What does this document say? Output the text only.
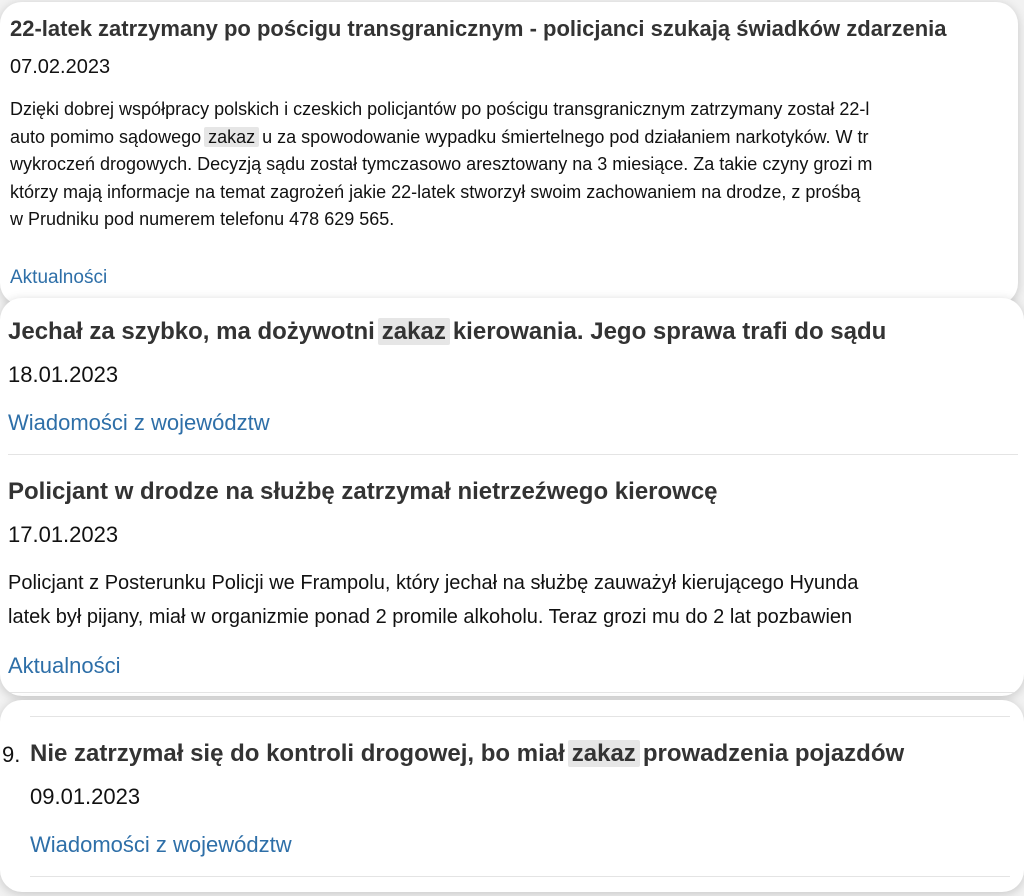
22-latek zatrzymany po pościgu transgranicznym - policjanci szukają świadków zdarzenia
07.02.2023
Dzięki dobrej współpracy polskich i czeskich policjantów po pościgu transgranicznym zatrzymany został 22-l
auto pomimo sądowego zakaz u za spowodowanie wypadku śmiertelnego pod działaniem narkotyków. W tr
wykroczeń drogowych. Decyzją sądu został tymczasowo aresztowany na 3 miesiące. Za takie czyny grozi m
którzy mają informacje na temat zagrożeń jakie 22-latek stworzył swoim zachowaniem na drodze, z prośbą
w Prudniku pod numerem telefonu 478 629 565.
Aktualności
Jechał za szybko, ma dożywotni zakaz kierowania. Jego sprawa trafi do sądu
18.01.2023
Wiadomości z województw
Policjant w drodze na służbę zatrzymał nietrzeźwego kierowcę
17.01.2023
Policjant z Posterunku Policji we Frampolu, który jechał na służbę zauważył kierującego Hyunda
latek był pijany, miał w organizmie ponad 2 promile alkoholu. Teraz grozi mu do 2 lat pozbawien
Aktualności
9. Nie zatrzymał się do kontroli drogowej, bo miał zakaz prowadzenia pojazdów
09.01.2023
Wiadomości z województw
